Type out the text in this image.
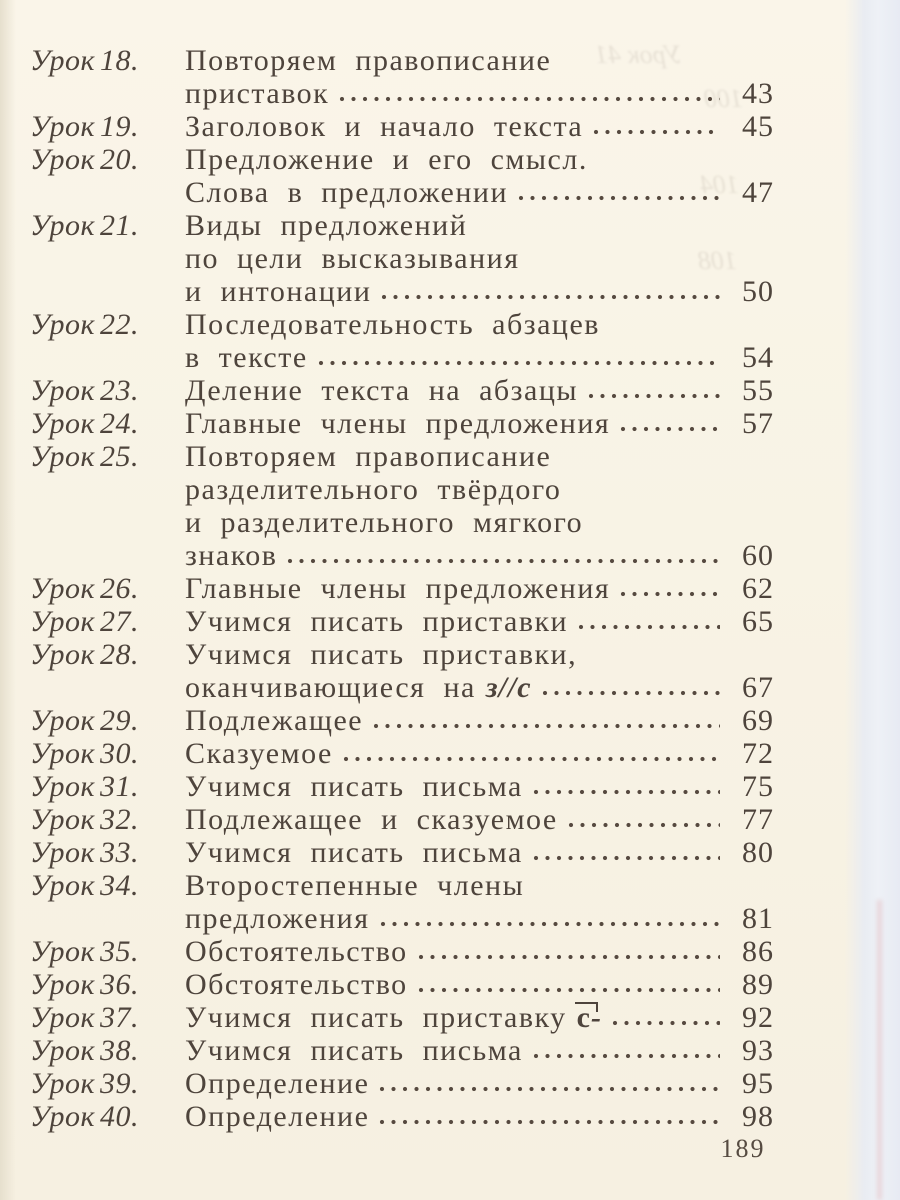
Урок 41
100
108
Урок 18.	Повторяем правописание
приставок	43
Урок 19.	Заголовок и начало текста	45
Урок 20.	Предложение и его смысл.
Слова в предложении	47
Урок 21.	Виды предложений
по цели высказывания
и интонации	50
Урок 22.	Последовательность абзацев
в тексте	54
Урок 23.	Деление текста на абзацы	55
Урок 24.	Главные члены предложения	57
Урок 25.	Повторяем правописание
разделительного твёрдого
и разделительного мягкого
знаков	60
Урок 26.	Главные члены предложения	62
Урок 27.	Учимся писать приставки	65
Урок 28.	Учимся писать приставки,
оканчивающиеся на з//с	67
Урок 29.	Подлежащее	69
Урок 30.	Сказуемое	72
Урок 31.	Учимся писать письма	75
Урок 32.	Подлежащее и сказуемое	77
Урок 33.	Учимся писать письма	80
Урок 34.	Второстепенные члены
предложения	81
Урок 35.	Обстоятельство	86
Урок 36.	Обстоятельство	89
Урок 37.	Учимся писать приставку с-	92
Урок 38.	Учимся писать письма	93
Урок 39.	Определение	95
Урок 40.	Определение	98
189
